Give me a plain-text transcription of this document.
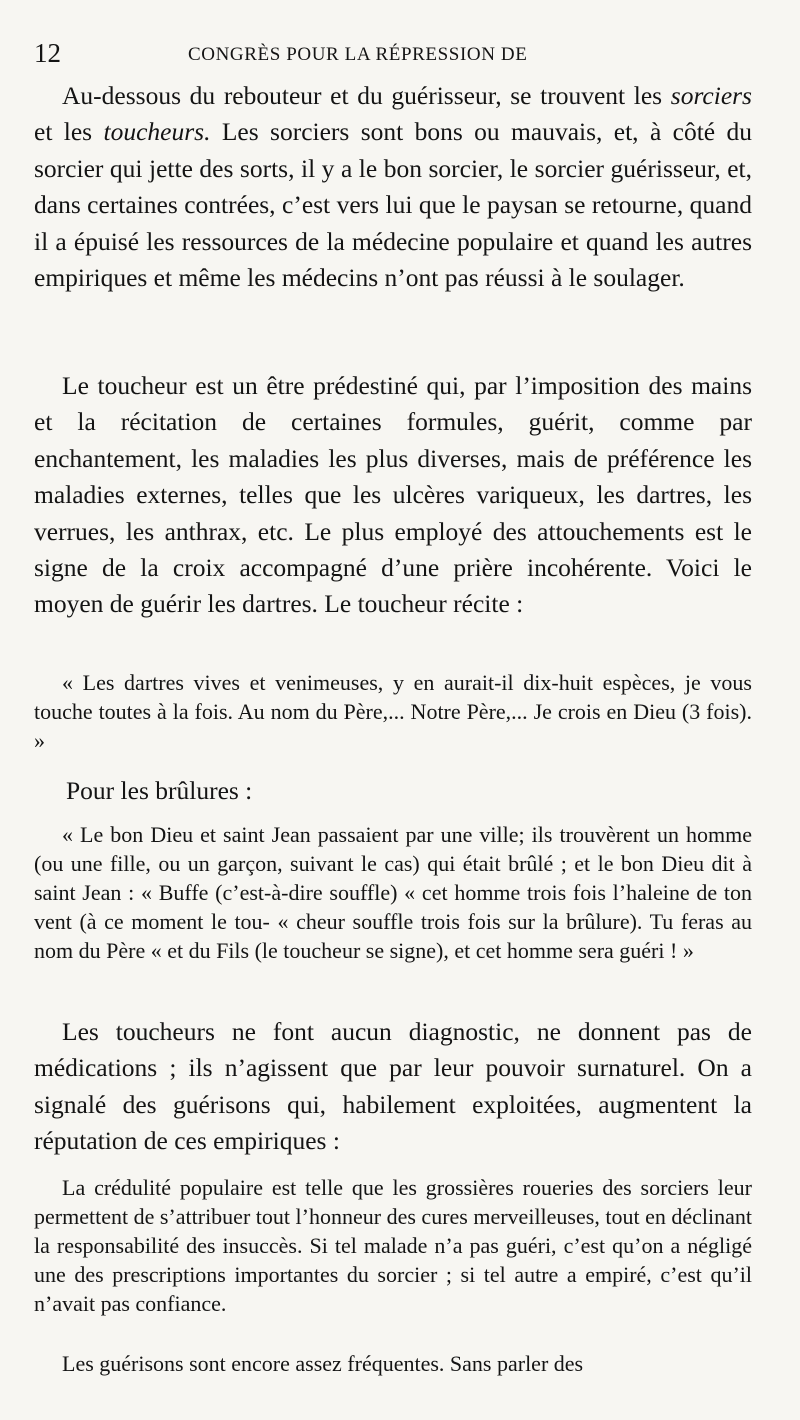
12	CONGRÈS POUR LA RÉPRESSION DE

Au-dessous du rebouteur et du guérisseur, se trouvent les sorciers et les toucheurs. Les sorciers sont bons ou mauvais, et, à côté du sorcier qui jette des sorts, il y a le bon sorcier, le sorcier guérisseur, et, dans certaines contrées, c’est vers lui que le paysan se retourne, quand il a épuisé les ressources de la médecine populaire et quand les autres empiriques et même les médecins n’ont pas réussi à le soulager.

Le toucheur est un être prédestiné qui, par l’imposition des mains et la récitation de certaines formules, guérit, comme par enchantement, les maladies les plus diverses, mais de préférence les maladies externes, telles que les ulcères variqueux, les dartres, les verrues, les anthrax, etc. Le plus employé des attouchements est le signe de la croix accompagné d’une prière incohérente. Voici le moyen de guérir les dartres. Le toucheur récite :

« Les dartres vives et venimeuses, y en aurait-il dix-huit espèces, je vous touche toutes à la fois. Au nom du Père,... Notre Père,... Je crois en Dieu (3 fois). »

Pour les brûlures :

« Le bon Dieu et saint Jean passaient par une ville; ils trouvèrent un homme (ou une fille, ou un garçon, suivant le cas) qui était brûlé ; et le bon Dieu dit à saint Jean : « Buffe (c’est-à-dire souffle) « cet homme trois fois l’haleine de ton vent (à ce moment le tou- « cheur souffle trois fois sur la brûlure). Tu feras au nom du Père « et du Fils (le toucheur se signe), et cet homme sera guéri ! »

Les toucheurs ne font aucun diagnostic, ne donnent pas de médications ; ils n’agissent que par leur pouvoir surnaturel. On a signalé des guérisons qui, habilement exploitées, augmentent la réputation de ces empiriques :

La crédulité populaire est telle que les grossières roueries des sorciers leur permettent de s’attribuer tout l’honneur des cures merveilleuses, tout en déclinant la responsabilité des insuccès. Si tel malade n’a pas guéri, c’est qu’on a négligé une des prescriptions importantes du sorcier ; si tel autre a empiré, c’est qu’il n’avait pas confiance.

Les guérisons sont encore assez fréquentes. Sans parler des
